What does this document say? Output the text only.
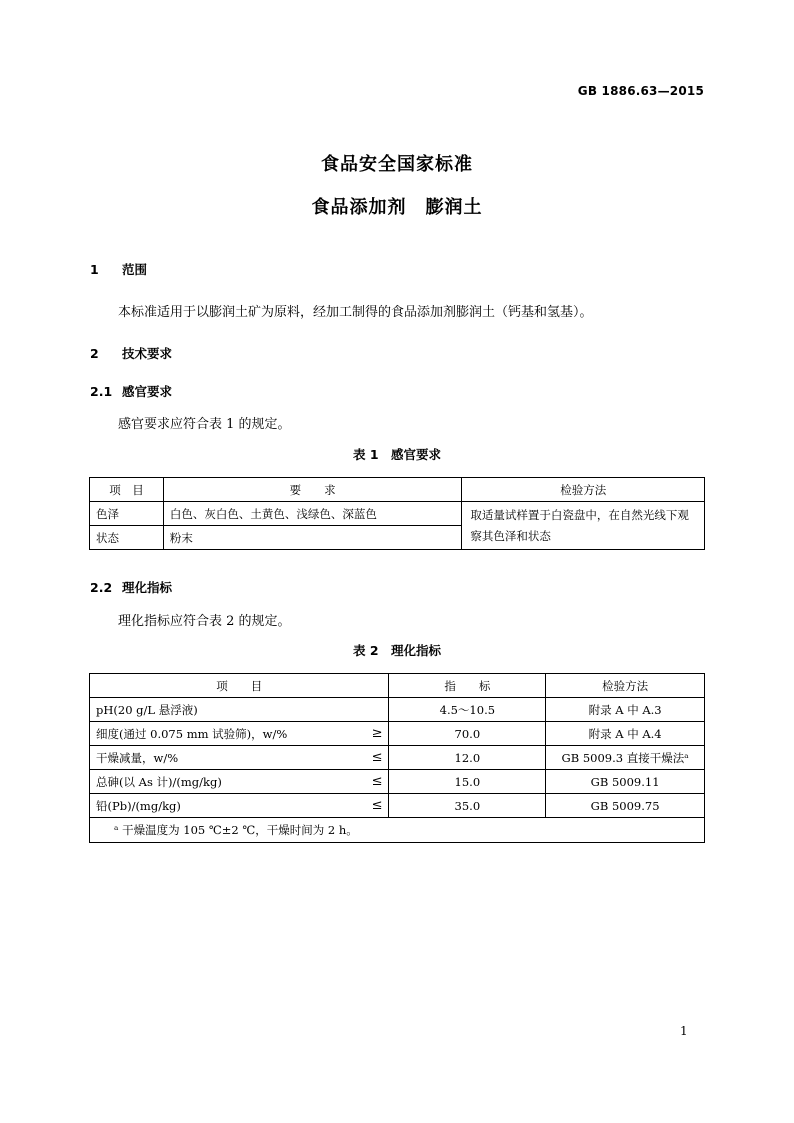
GB 1886.63—2015
食品安全国家标准
食品添加剂　膨润土
1 范围
本标准适用于以膨润土矿为原料，经加工制得的食品添加剂膨润土（钙基和氢基）。
2 技术要求
2.1 感官要求
感官要求应符合表 1 的规定。
表 1　感官要求
项　目	要　　求	检验方法
色泽	白色、灰白色、土黄色、浅绿色、深蓝色	取适量试样置于白瓷盘中，在自然光线下观察其色泽和状态
状态	粉末	
2.2 理化指标
理化指标应符合表 2 的规定。
表 2　理化指标
项　　目	指　　标	检验方法
pH(20 g/L 悬浮液)	4.5～10.5	附录 A 中 A.3
细度(通过 0.075 mm 试验筛)，w/% ≥	70.0	附录 A 中 A.4
干燥减量，w/% ≤	12.0	GB 5009.3 直接干燥法ᵃ
总砷(以 As 计)/(mg/kg) ≤	15.0	GB 5009.11
铅(Pb)/(mg/kg) ≤	35.0	GB 5009.75
ᵃ 干燥温度为 105 ℃±2 ℃，干燥时间为 2 h。		
1
